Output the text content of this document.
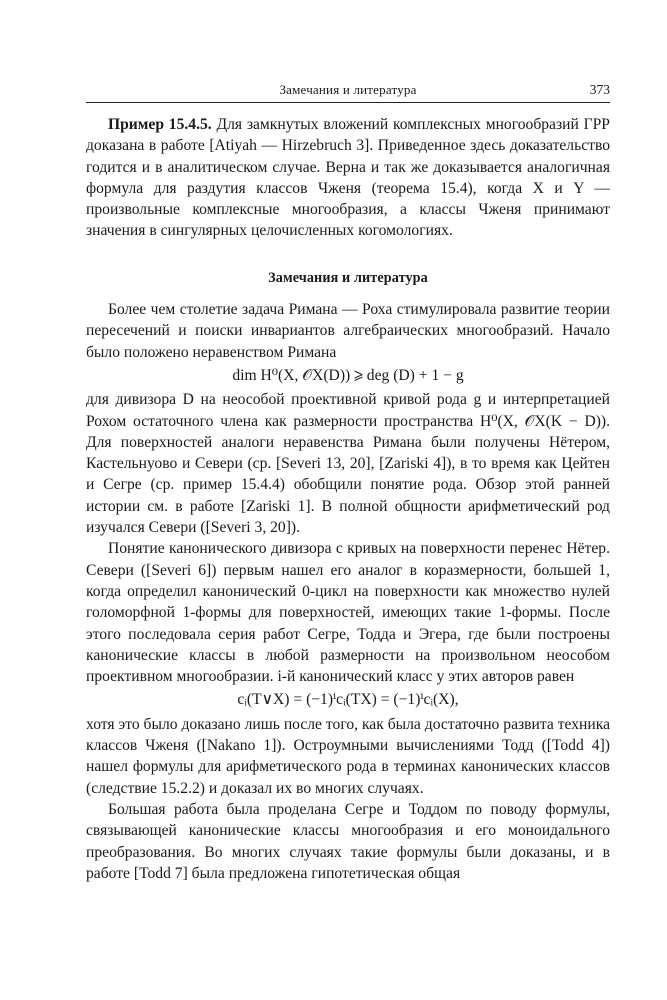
Замечания и литература	373

Пример 15.4.5. Для замкнутых вложений комплексных многообразий ГРР доказана в работе [Atiyah — Hirzebruch 3]. Приведенное здесь доказательство годится и в аналитическом случае. Верна и так же доказывается аналогичная формула для раздутия классов Чженя (теорема 15.4), когда X и Y — произвольные комплексные многообразия, а классы Чженя принимают значения в сингулярных целочисленных когомологиях.

Замечания и литература

Более чем столетие задача Римана — Роха стимулировала развитие теории пересечений и поиски инвариантов алгебраических многообразий. Начало было положено неравенством Римана

dim H⁰(X, 𝒪X(D)) ⩾ deg (D) + 1 − g

для дивизора D на неособой проективной кривой рода g и интерпретацией Рохом остаточного члена как размерности пространства H⁰(X, 𝒪X(K − D)). Для поверхностей аналоги неравенства Римана были получены Нётером, Кастельнуово и Севери (ср. [Severi 13, 20], [Zariski 4]), в то время как Цейтен и Сегре (ср. пример 15.4.4) обобщили понятие рода. Обзор этой ранней истории см. в работе [Zariski 1]. В полной общности арифметический род изучался Севери ([Severi 3, 20]).

Понятие канонического дивизора с кривых на поверхности перенес Нётер. Севери ([Severi 6]) первым нашел его аналог в коразмерности, большей 1, когда определил канонический 0-цикл на поверхности как множество нулей голоморфной 1-формы для поверхностей, имеющих такие 1-формы. После этого последовала серия работ Сегре, Тодда и Эгера, где были построены канонические классы в любой размерности на произвольном неособом проективном многообразии. i-й канонический класс у этих авторов равен

cᵢ(T∨X) = (−1)ⁱcᵢ(TX) = (−1)ⁱcᵢ(X),

хотя это было доказано лишь после того, как была достаточно развита техника классов Чженя ([Nakano 1]). Остроумными вычислениями Тодд ([Todd 4]) нашел формулы для арифметического рода в терминах канонических классов (следствие 15.2.2) и доказал их во многих случаях.

Большая работа была проделана Сегре и Тоддом по поводу формулы, связывающей канонические классы многообразия и его моноидального преобразования. Во многих случаях такие формулы были доказаны, и в работе [Todd 7] была предложена гипотетическая общая
